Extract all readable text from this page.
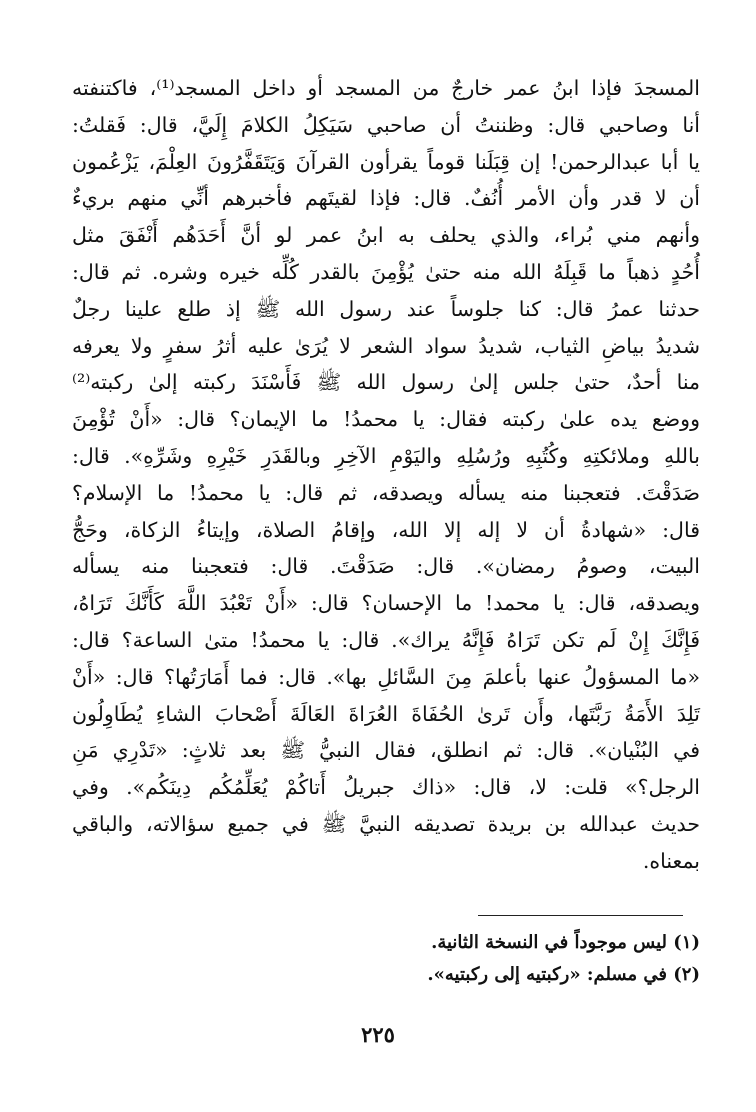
المسجدَ فإذا ابنُ عمر خارجٌ من المسجد أو داخل المسجد⁽¹⁾، فاكتنفته
أنا وصاحبي قال: وظننتُ أن صاحبي سَيَكِلُ الكلامَ إِلَيَّ، قال: فَقلتُ:
يا أبا عبدالرحمن! إن قِبَلَنا قوماً يقرأون القرآنَ وَيَتَقَفَّرُونَ العِلْمَ، يَزْعُمون
أن لا قدر وأن الأمر أُنُفٌ. قال: فإذا لقيتَهم فأخبرهم أنِّي منهم بريءٌ
وأنهم مني بُراء، والذي يحلف به ابنُ عمر لو أنَّ أَحَدَهُم أَنْفَقَ مثل
أُحُدٍ ذهباً ما قَبِلَهُ الله منه حتىٰ يُؤْمِنَ بالقدر كُلِّه خيره وشره. ثم قال:
حدثنا عمرُ قال: كنا جلوساً عند رسول الله ﷺ إذ طلع علينا رجلٌ
شديدُ بياضِ الثياب، شديدُ سواد الشعر لا يُرَىٰ عليه أثرُ سفرٍ ولا يعرفه
منا أحدٌ، حتىٰ جلس إلىٰ رسول الله ﷺ فَأَسْنَدَ ركبته إلىٰ ركبته⁽²⁾
ووضع يده علىٰ ركبته فقال: يا محمدُ! ما الإيمان؟ قال: «أَنْ تُؤْمِنَ
باللهِ وملائكتِهِ وكُتُبِهِ ورُسُلِهِ واليَوْمِ الآخِرِ وبالقَدَرِ خَيْرِهِ وشَرِّهِ». قال:
صَدَقْتَ. فتعجبنا منه يسأله ويصدقه، ثم قال: يا محمدُ! ما الإسلام؟
قال: «شهادةُ أن لا إله إلا الله، وإقامُ الصلاة، وإيتاءُ الزكاة، وحَجُّ
البيت، وصومُ رمضان». قال: صَدَقْتَ. قال: فتعجبنا منه يسأله
ويصدقه، قال: يا محمد! ما الإحسان؟ قال: «أَنْ تَعْبُدَ اللَّهَ كَأَنَّكَ تَرَاهُ،
فَإِنَّكَ إِنْ لَم تكن تَرَاهُ فَإِنَّهُ يراك». قال: يا محمدُ! متىٰ الساعة؟ قال:
«ما المسؤولُ عنها بأعلمَ مِنَ السَّائلِ بها». قال: فما أَمَارَتُها؟ قال: «أَنْ
تَلِدَ الأَمَةُ رَبَّتَها، وأَن تَرىٰ الحُفَاةَ العُرَاةَ العَالَةَ أَصْحابَ الشاءِ يُطَاوِلُون
في البُنْيان». قال: ثم انطلق، فقال النبيُّ ﷺ بعد ثلاثٍ: «تَدْرِي مَنِ
الرجل؟» قلت: لا، قال: «ذاك جبريلُ أَتاكُمْ يُعَلِّمُكُم دِينَكُم». وفي
حديث عبدالله بن بريدة تصديقه النبيَّ ﷺ في جميع سؤالاته، والباقي
بمعناه.
(١) ليس موجوداً في النسخة الثانية.
(٢) في مسلم: «ركبتيه إلى ركبتيه».
٢٢٥
